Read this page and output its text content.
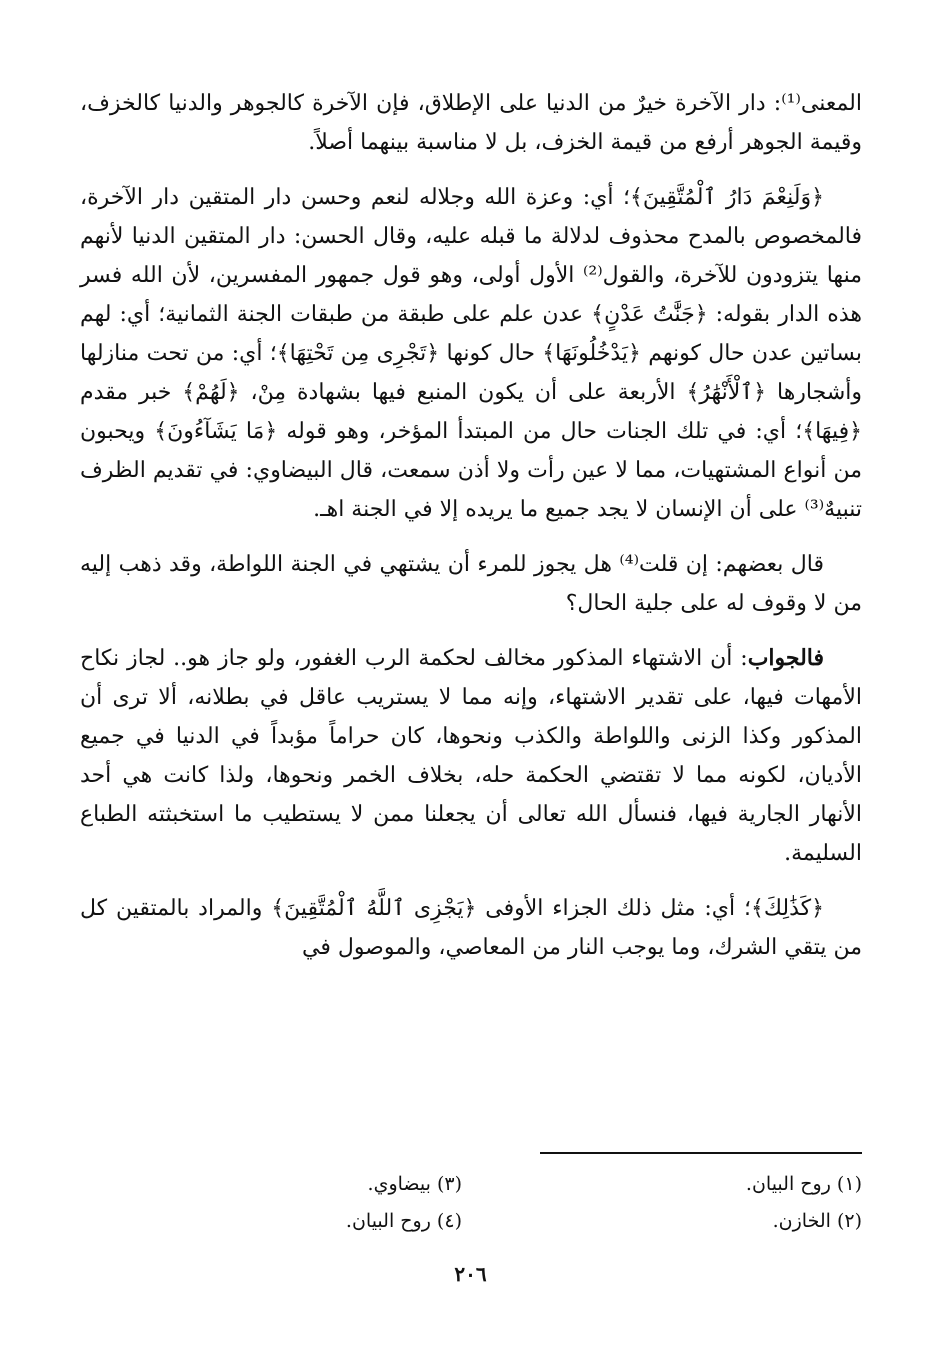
المعنى⁽¹⁾: دار الآخرة خيرٌ من الدنيا على الإطلاق، فإن الآخرة كالجوهر والدنيا كالخزف، وقيمة الجوهر أرفع من قيمة الخزف، بل لا مناسبة بينهما أصلاً.

﴿وَلَنِعْمَ دَارُ ٱلْمُتَّقِينَ﴾؛ أي: وعزة الله وجلاله لنعم وحسن دار المتقين دار الآخرة، فالمخصوص بالمدح محذوف لدلالة ما قبله عليه، وقال الحسن: دار المتقين الدنيا لأنهم منها يتزودون للآخرة، والقول⁽²⁾ الأول أولى، وهو قول جمهور المفسرين، لأن الله فسر هذه الدار بقوله: ﴿جَنَّٰتُ عَدْنٍ﴾ عدن علم على طبقة من طبقات الجنة الثمانية؛ أي: لهم بساتين عدن حال كونهم ﴿يَدْخُلُونَهَا﴾ حال كونها ﴿تَجْرِى مِن تَحْتِهَا﴾؛ أي: من تحت منازلها وأشجارها ﴿ٱلْأَنْهَٰرُ﴾ الأربعة على أن يكون المنبع فيها بشهادة مِنْ، ﴿لَهُمْ﴾ خبر مقدم ﴿فِيهَا﴾؛ أي: في تلك الجنات حال من المبتدأ المؤخر، وهو قوله ﴿مَا يَشَآءُونَ﴾ ويحبون من أنواع المشتهيات، مما لا عين رأت ولا أذن سمعت، قال البيضاوي: في تقديم الظرف تنبيهٌ⁽³⁾ على أن الإنسان لا يجد جميع ما يريده إلا في الجنة اهـ.

قال بعضهم: إن قلت⁽⁴⁾ هل يجوز للمرء أن يشتهي في الجنة اللواطة، وقد ذهب إليه من لا وقوف له على جلية الحال؟

فالجواب: أن الاشتهاء المذكور مخالف لحكمة الرب الغفور، ولو جاز هو.. لجاز نكاح الأمهات فيها، على تقدير الاشتهاء، وإنه مما لا يستريب عاقل في بطلانه، ألا ترى أن المذكور وكذا الزنى واللواطة والكذب ونحوها، كان حراماً مؤبداً في الدنيا في جميع الأديان، لكونه مما لا تقتضي الحكمة حله، بخلاف الخمر ونحوها، ولذا كانت هي أحد الأنهار الجارية فيها، فنسأل الله تعالى أن يجعلنا ممن لا يستطيب ما استخبثته الطباع السليمة.

﴿كَذَٰلِكَ﴾؛ أي: مثل ذلك الجزاء الأوفى ﴿يَجْزِى ٱللَّهُ ٱلْمُتَّقِينَ﴾ والمراد بالمتقين كل من يتقي الشرك، وما يوجب النار من المعاصي، والموصول في

(١) روح البيان.
(٢) الخازن.
(٣) بيضاوي.
(٤) روح البيان.
٢٠٦
